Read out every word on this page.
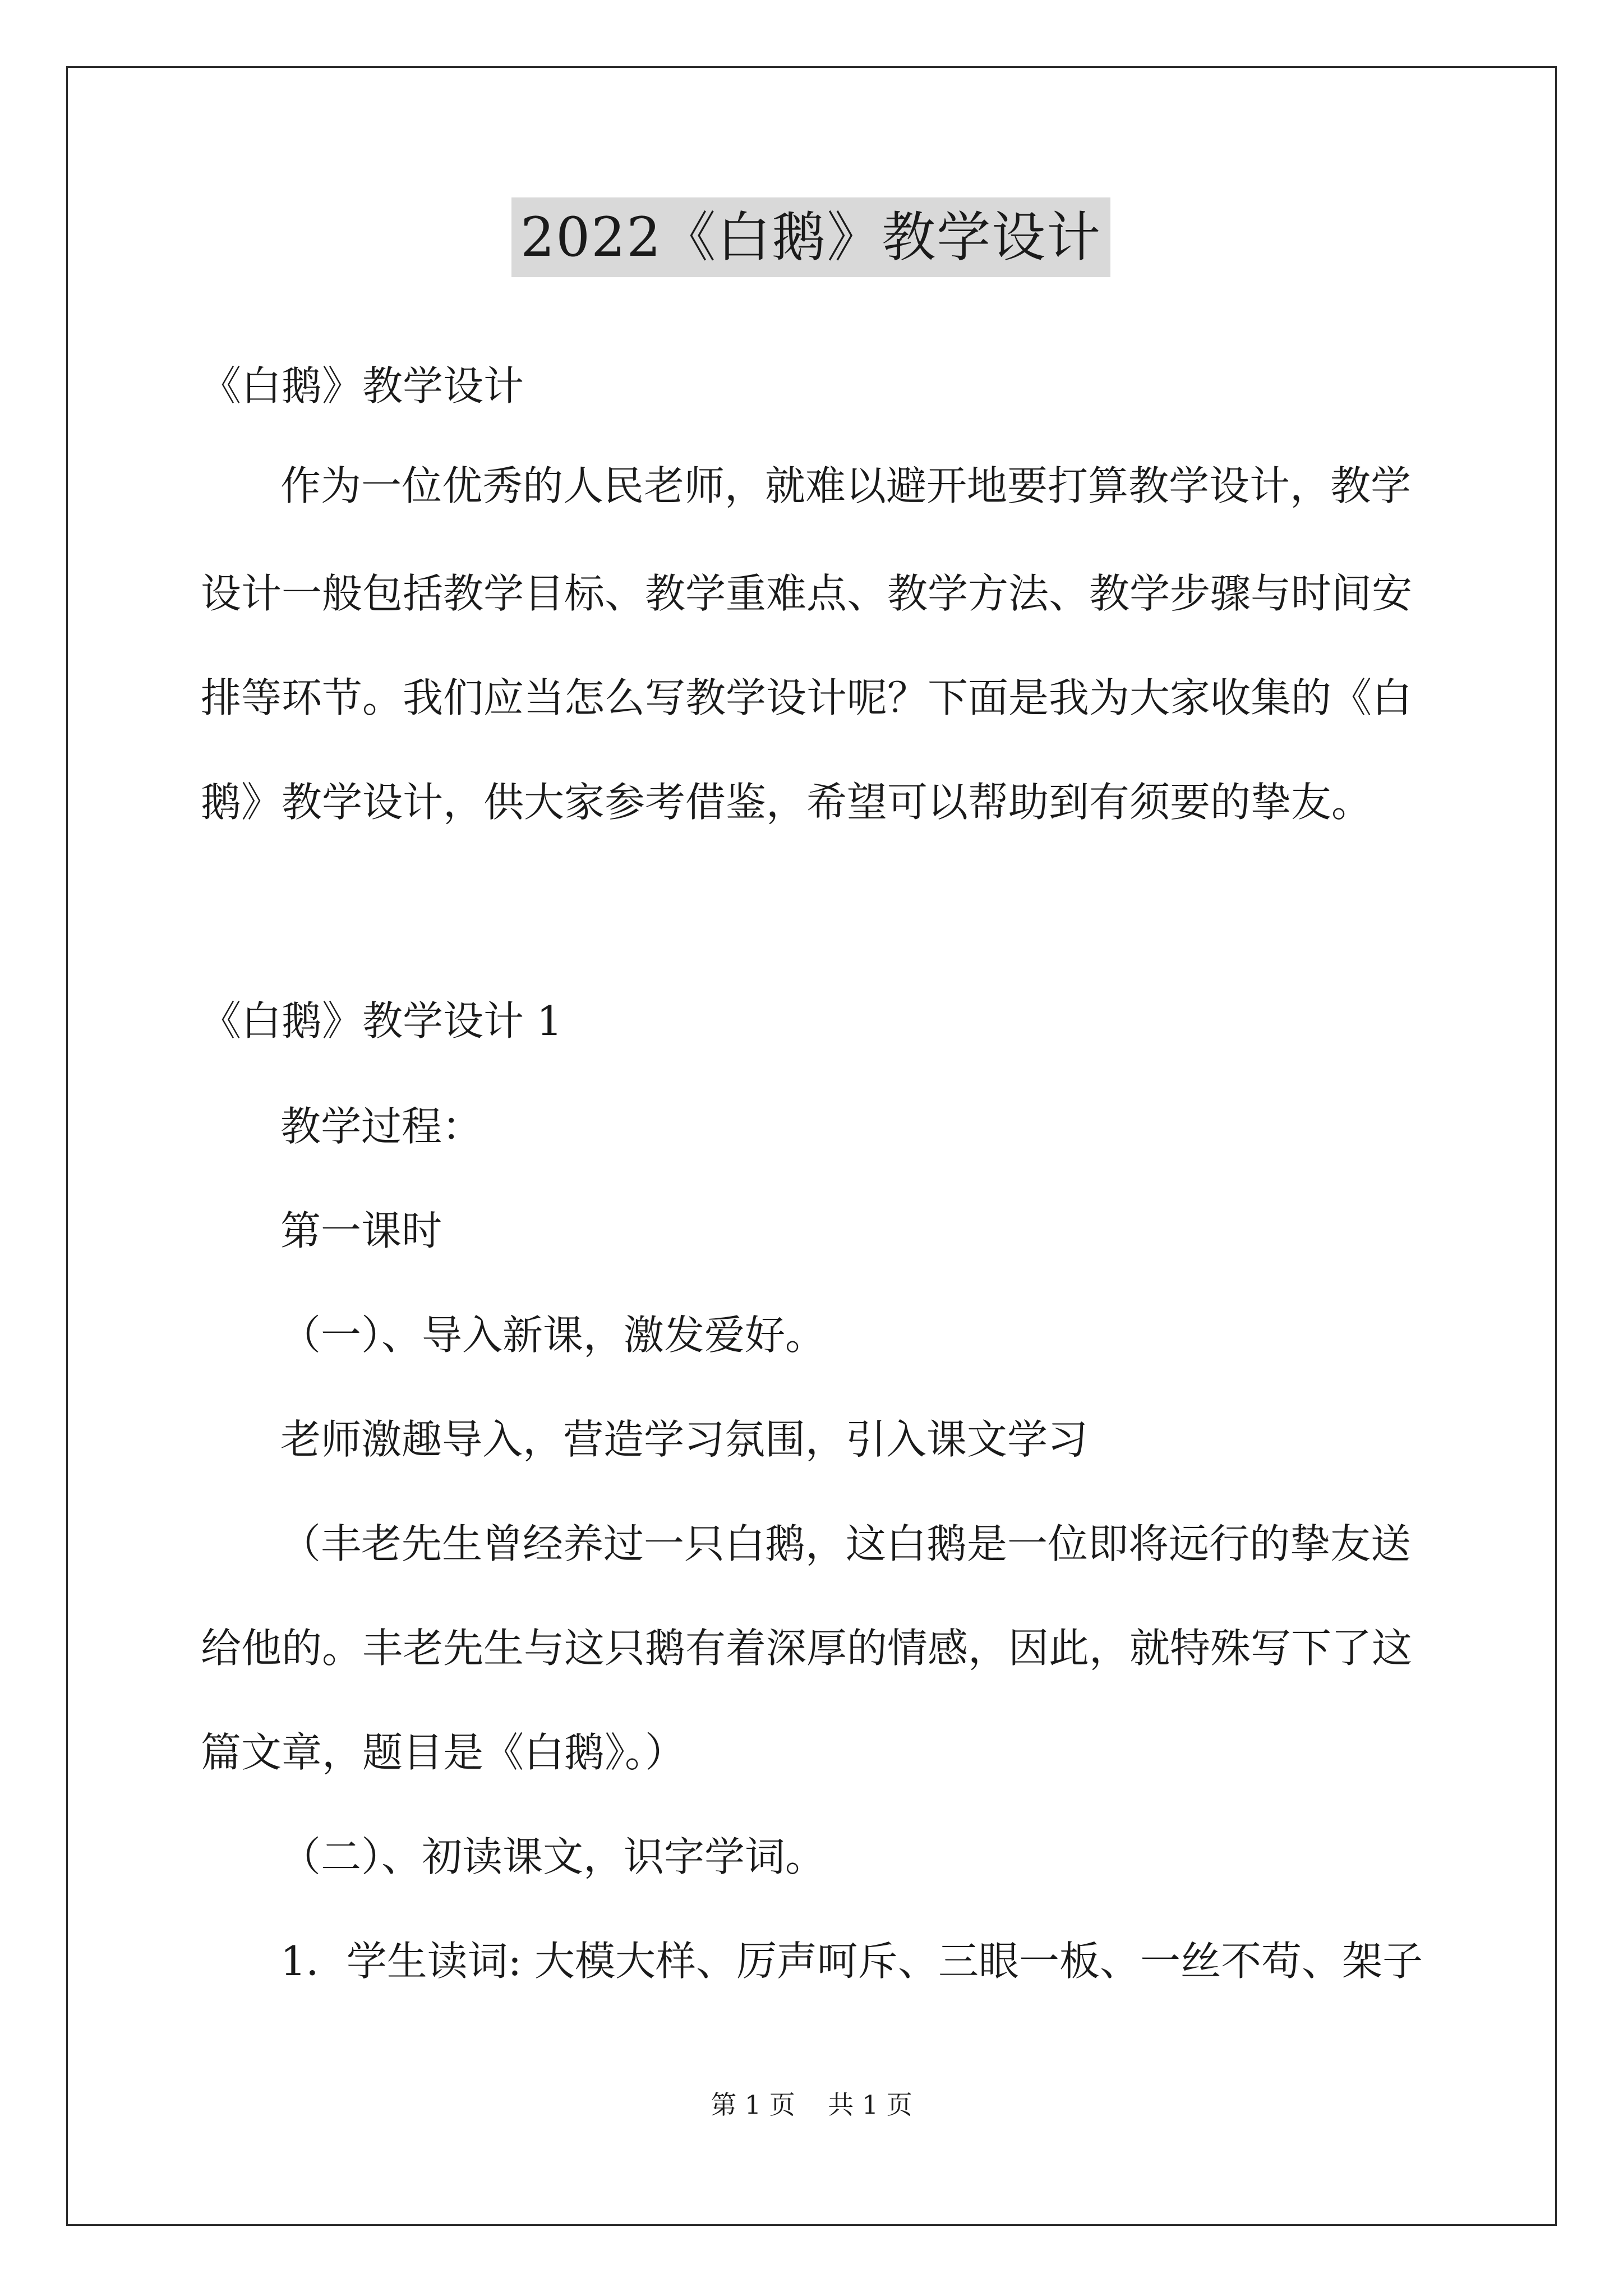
2022《白鹅》教学设计
《白鹅》教学设计
作为一位优秀的人民老师，就难以避开地要打算教学设计，教学
设计一般包括教学目标、教学重难点、教学方法、教学步骤与时间安
排等环节。我们应当怎么写教学设计呢？下面是我为大家收集的《白
鹅》教学设计，供大家参考借鉴，希望可以帮助到有须要的挚友。
《白鹅》教学设计 1
教学过程：
第一课时
（一）、导入新课，激发爱好。
老师激趣导入，营造学习氛围，引入课文学习
（丰老先生曾经养过一只白鹅，这白鹅是一位即将远行的挚友送
给他的。丰老先生与这只鹅有着深厚的情感，因此，就特殊写下了这
篇文章，题目是《白鹅》。）
（二）、初读课文，识字学词。
1．学生读词: 大模大样、厉声呵斥、三眼一板、一丝不苟、架子
第 1 页    共 1 页
